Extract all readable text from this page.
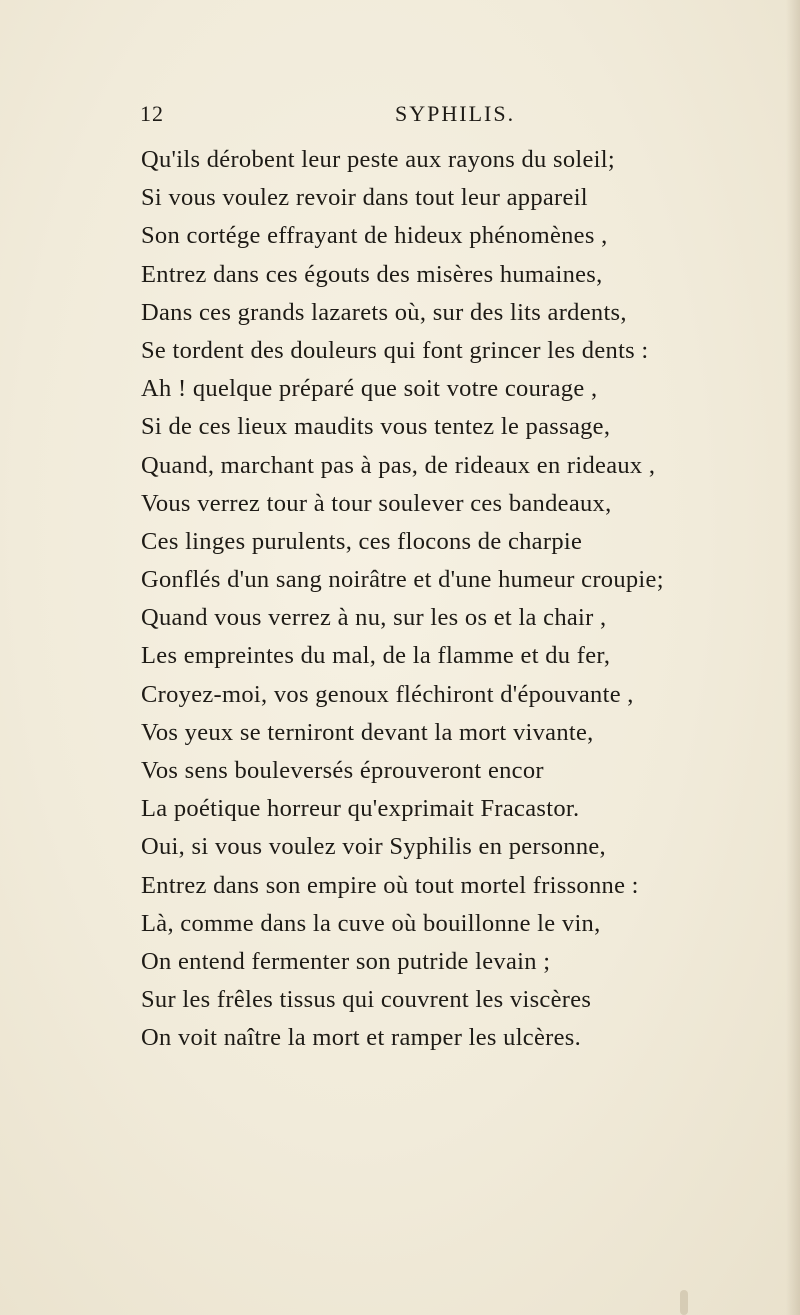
12	SYPHILIS.
Qu'ils dérobent leur peste aux rayons du soleil;
Si vous voulez revoir dans tout leur appareil
Son cortége effrayant de hideux phénomènes ,
Entrez dans ces égouts des misères humaines,
Dans ces grands lazarets où, sur des lits ardents,
Se tordent des douleurs qui font grincer les dents :
Ah ! quelque préparé que soit votre courage ,
Si de ces lieux maudits vous tentez le passage,
Quand, marchant pas à pas, de rideaux en rideaux ,
Vous verrez tour à tour soulever ces bandeaux,
Ces linges purulents, ces flocons de charpie
Gonflés d'un sang noirâtre et d'une humeur croupie;
Quand vous verrez à nu, sur les os et la chair ,
Les empreintes du mal, de la flamme et du fer,
Croyez-moi, vos genoux fléchiront d'épouvante ,
Vos yeux se terniront devant la mort vivante,
Vos sens bouleversés éprouveront encor
La poétique horreur qu'exprimait Fracastor.
Oui, si vous voulez voir Syphilis en personne,
Entrez dans son empire où tout mortel frissonne :
Là, comme dans la cuve où bouillonne le vin,
On entend fermenter son putride levain ;
Sur les frêles tissus qui couvrent les viscères
On voit naître la mort et ramper les ulcères.
